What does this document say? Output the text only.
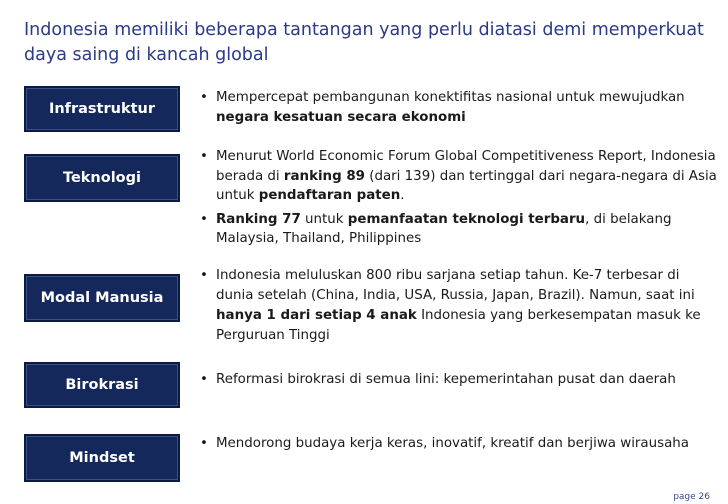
Indonesia memiliki beberapa tantangan yang perlu diatasi demi memperkuat daya saing di kancah global
Infrastruktur
• Mempercepat pembangunan konektifitas nasional untuk mewujudkan negara kesatuan secara ekonomi
Teknologi
• Menurut World Economic Forum Global Competitiveness Report, Indonesia berada di ranking 89 (dari 139) dan tertinggal dari negara-negara di Asia untuk pendaftaran paten.
• Ranking 77 untuk pemanfaatan teknologi terbaru, di belakang Malaysia, Thailand, Philippines
Modal Manusia
• Indonesia meluluskan 800 ribu sarjana setiap tahun. Ke-7 terbesar di dunia setelah (China, India, USA, Russia, Japan, Brazil). Namun, saat ini hanya 1 dari setiap 4 anak Indonesia yang berkesempatan masuk ke Perguruan Tinggi
Birokrasi	• Reformasi birokrasi di semua lini: kepemerintahan pusat dan daerah
Mindset
• Mendorong budaya kerja keras, inovatif, kreatif dan berjiwa wirausaha
page 26
